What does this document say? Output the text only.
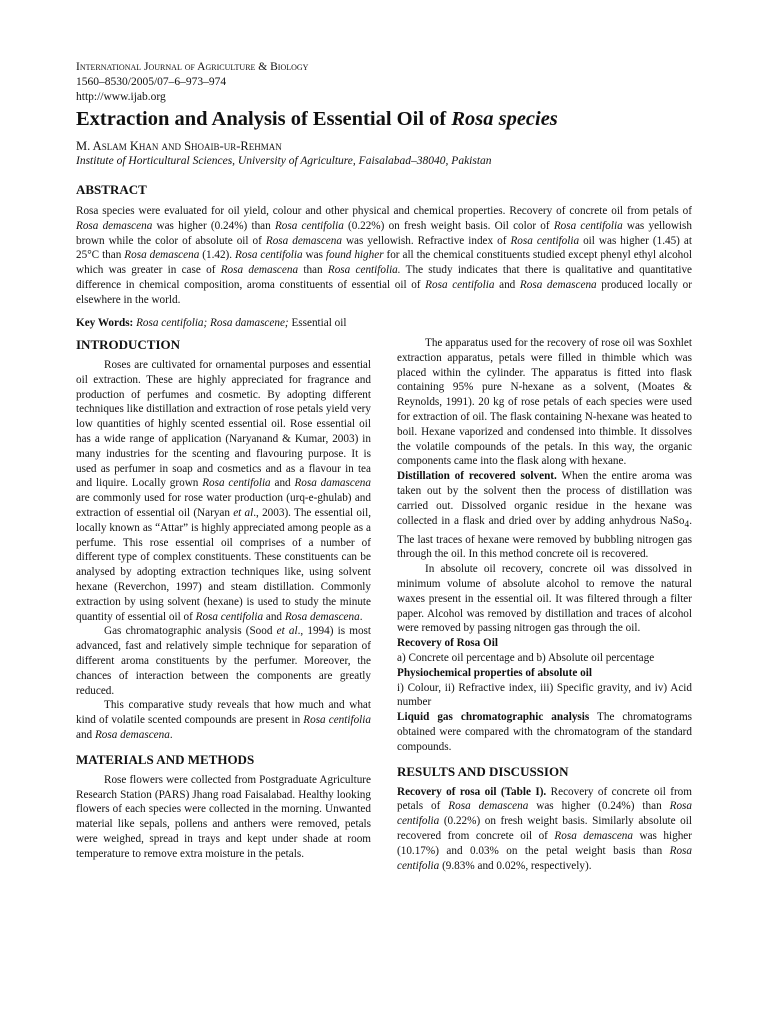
International Journal of Agriculture & Biology
1560–8530/2005/07–6–973–974
http://www.ijab.org
Extraction and Analysis of Essential Oil of Rosa species
M. Aslam Khan and Shoaib-ur-Rehman
Institute of Horticultural Sciences, University of Agriculture, Faisalabad–38040, Pakistan
ABSTRACT

Rosa species were evaluated for oil yield, colour and other physical and chemical properties. Recovery of concrete oil from petals of Rosa demascena was higher (0.24%) than Rosa centifolia (0.22%) on fresh weight basis. Oil color of Rosa centifolia was yellowish brown while the color of absolute oil of Rosa demascena was yellowish. Refractive index of Rosa centifolia oil was higher (1.45) at 25°C than Rosa demascena (1.42). Rosa centifolia was found higher for all the chemical constituents studied except phenyl ethyl alcohol which was greater in case of Rosa demascena than Rosa centifolia. The study indicates that there is qualitative and quantitative difference in chemical composition, aroma constituents of essential oil of Rosa centifolia and Rosa demascena produced locally or elsewhere in the world.

Key Words: Rosa centifolia; Rosa damascene; Essential oil
INTRODUCTION

Roses are cultivated for ornamental purposes and essential oil extraction. These are highly appreciated for fragrance and production of perfumes and cosmetic. By adopting different techniques like distillation and extraction of rose petals yield very low quantities of highly scented essential oil. Rose essential oil has a wide range of application (Naryanand & Kumar, 2003) in many industries for the scenting and flavouring purpose. It is used as perfumer in soap and cosmetics and as a flavour in tea and liquire. Locally grown Rosa centifolia and Rosa damascena are commonly used for rose water production (urq-e-ghulab) and extraction of essential oil (Naryan et al., 2003). The essential oil, locally known as “Attar” is highly appreciated among people as a perfume. This rose essential oil comprises of a number of different type of complex constituents. These constituents can be analysed by adopting extraction techniques like, using solvent hexane (Reverchon, 1997) and steam distillation. Commonly extraction by using solvent (hexane) is used to study the minute quantity of essential oil of Rosa centifolia and Rosa demascena.

Gas chromatographic analysis (Sood et al., 1994) is most advanced, fast and relatively simple technique for separation of different aroma constituents by the perfumer. Moreover, the chances of interaction between the components are greatly reduced.

This comparative study reveals that how much and what kind of volatile scented compounds are present in Rosa centifolia and Rosa demascena.

MATERIALS AND METHODS

Rose flowers were collected from Postgraduate Agriculture Research Station (PARS) Jhang road Faisalabad. Healthy looking flowers of each species were collected in the morning. Unwanted material like sepals, pollens and anthers were removed, petals were weighed, spread in trays and kept under shade at room temperature to remove extra moisture in the petals.

The apparatus used for the recovery of rose oil was Soxhlet extraction apparatus, petals were filled in thimble which was placed within the cylinder. The apparatus is fitted into flask containing 95% pure N-hexane as a solvent, (Moates & Reynolds, 1991). 20 kg of rose petals of each species were used for extraction of oil. The flask containing N-hexane was heated to boil. Hexane vaporized and condensed into thimble. It dissolves the volatile compounds of the petals. In this way, the organic components came into the flask along with hexane.

Distillation of recovered solvent. When the entire aroma was taken out by the solvent then the process of distillation was carried out. Dissolved organic residue in the hexane was collected in a flask and dried over by adding anhydrous NaSo$_4$. The last traces of hexane were removed by bubbling nitrogen gas through the oil. In this method concrete oil is recovered.

In absolute oil recovery, concrete oil was dissolved in minimum volume of absolute alcohol to remove the natural waxes present in the essential oil. It was filtered through a filter paper. Alcohol was removed by distillation and traces of alcohol were removed by passing nitrogen gas through the oil.

Recovery of Rosa Oil

a) Concrete oil percentage and b) Absolute oil percentage

Physiochemical properties of absolute oil

i) Colour, ii) Refractive index, iii) Specific gravity, and iv) Acid number

Liquid gas chromatographic analysis The chromatograms obtained were compared with the chromatogram of the standard compounds.

RESULTS AND DISCUSSION

Recovery of rosa oil (Table I). Recovery of concrete oil from petals of Rosa demascena was higher (0.24%) than Rosa centifolia (0.22%) on fresh weight basis. Similarly absolute oil recovered from concrete oil of Rosa demascena was higher (10.17%) and 0.03% on the petal weight basis than Rosa centifolia (9.83% and 0.02%, respectively).
